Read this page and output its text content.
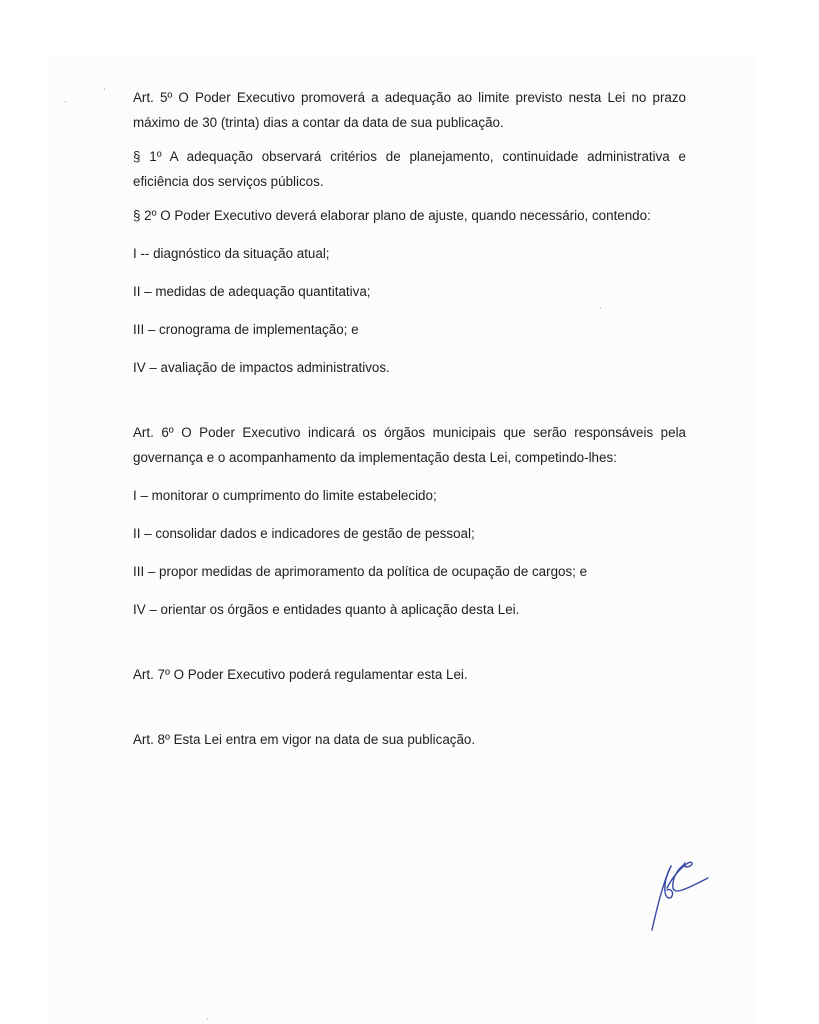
Art. 5º O Poder Executivo promoverá a adequação ao limite previsto nesta Lei no prazo máximo de 30 (trinta) dias a contar da data de sua publicação.

§ 1º A adequação observará critérios de planejamento, continuidade administrativa e eficiência dos serviços públicos.

§ 2º O Poder Executivo deverá elaborar plano de ajuste, quando necessário, contendo:

I -- diagnóstico da situação atual;

II – medidas de adequação quantitativa;

III – cronograma de implementação; e

IV – avaliação de impactos administrativos.

Art. 6º O Poder Executivo indicará os órgãos municipais que serão responsáveis pela governança e o acompanhamento da implementação desta Lei, competindo-lhes:

I – monitorar o cumprimento do limite estabelecido;

II – consolidar dados e indicadores de gestão de pessoal;

III – propor medidas de aprimoramento da política de ocupação de cargos; e

IV – orientar os órgãos e entidades quanto à aplicação desta Lei.

Art. 7º O Poder Executivo poderá regulamentar esta Lei.

Art. 8º Esta Lei entra em vigor na data de sua publicação.
